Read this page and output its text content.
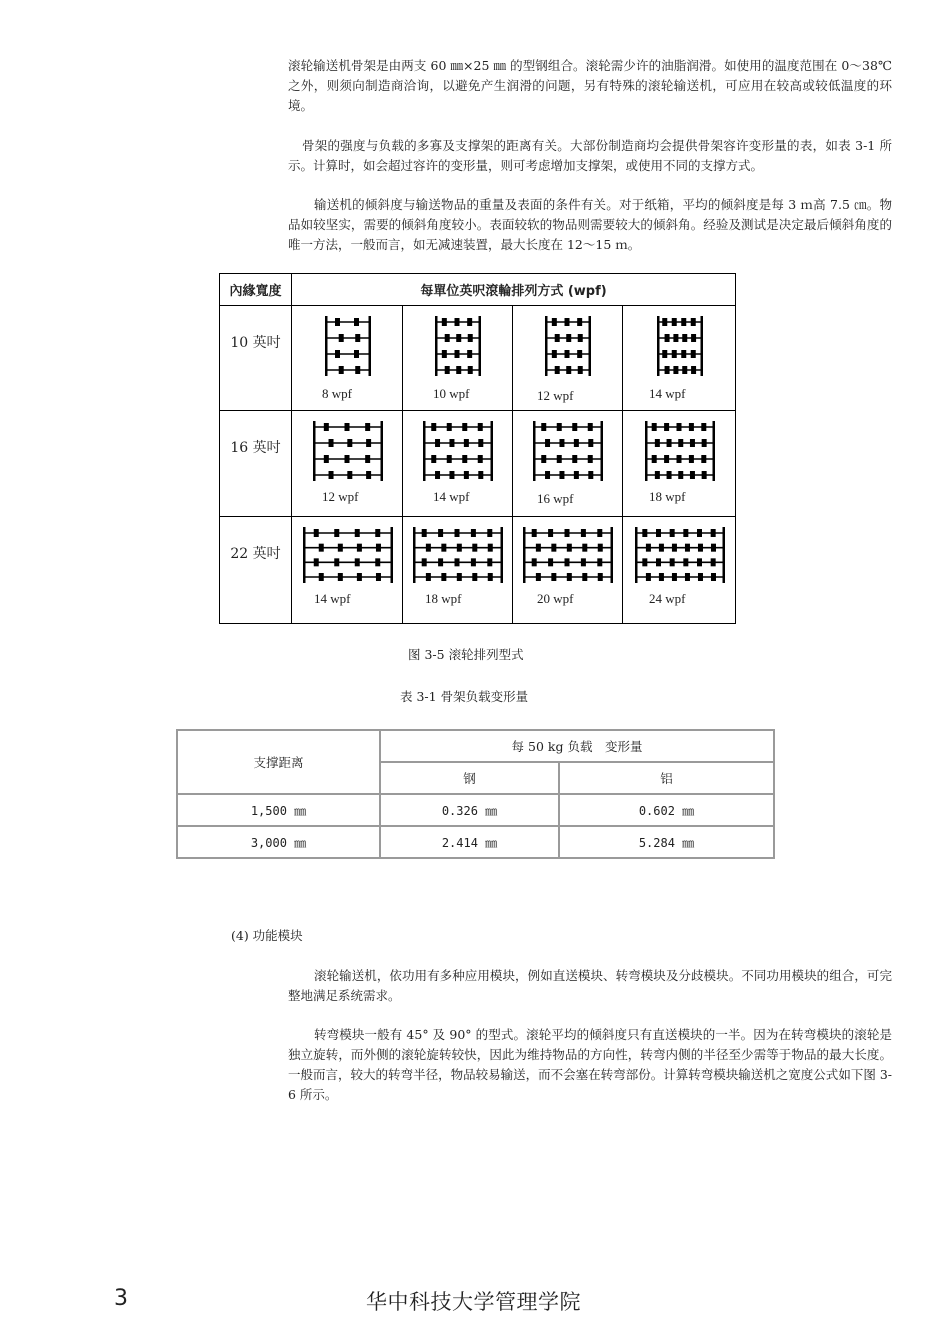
滚轮输送机骨架是由两支 60 ㎜×25 ㎜ 的型钢组合。滚轮需少许的油脂润滑。如使用的温度范围在 0～38℃ 之外，则须向制造商洽询，以避免产生润滑的问题，另有特殊的滚轮输送机，可应用在较高或较低温度的环境。

骨架的强度与负载的多寡及支撑架的距离有关。大部份制造商均会提供骨架容许变形量的表，如表 3-1 所示。计算时，如会超过容许的变形量，则可考虑增加支撑架，或使用不同的支撑方式。

输送机的倾斜度与输送物品的重量及表面的条件有关。对于纸箱，平均的倾斜度是每 3 ｍ高 7.5 ㎝。物品如较坚实，需要的倾斜角度较小。表面较软的物品则需要较大的倾斜角。经验及测试是决定最后倾斜角度的唯一方法，一般而言，如无减速装置，最大长度在 12～15 ｍ。

內緣寬度	每單位英呎滾輪排列方式 (wpf)			
10 英吋	8 wpf	10 wpf	12 wpf	14 wpf

16 英吋	12 wpf	14 wpf	16 wpf	18 wpf

22 英吋	14 wpf	18 wpf	20 wpf	24 wpf

图 3-5 滚轮排列型式

表 3-1 骨架负载变形量

支撑距离	每 50 kg 负载　变形量	
	钢	铝
1,500 ㎜	0.326 ㎜	0.602 ㎜
3,000 ㎜	2.414 ㎜	5.284 ㎜

(4) 功能模块

滚轮输送机，依功用有多种应用模块，例如直送模块、转弯模块及分歧模块。不同功用模块的组合，可完整地满足系统需求。

转弯模块一般有 45° 及 90° 的型式。滚轮平均的倾斜度只有直送模块的一半。因为在转弯模块的滚轮是独立旋转，而外侧的滚轮旋转较快，因此为维持物品的方向性，转弯内侧的半径至少需等于物品的最大长度。一般而言，较大的转弯半径，物品较易输送，而不会塞在转弯部份。计算转弯模块输送机之宽度公式如下图 3-6 所示。

3	华中科技大学管理学院
